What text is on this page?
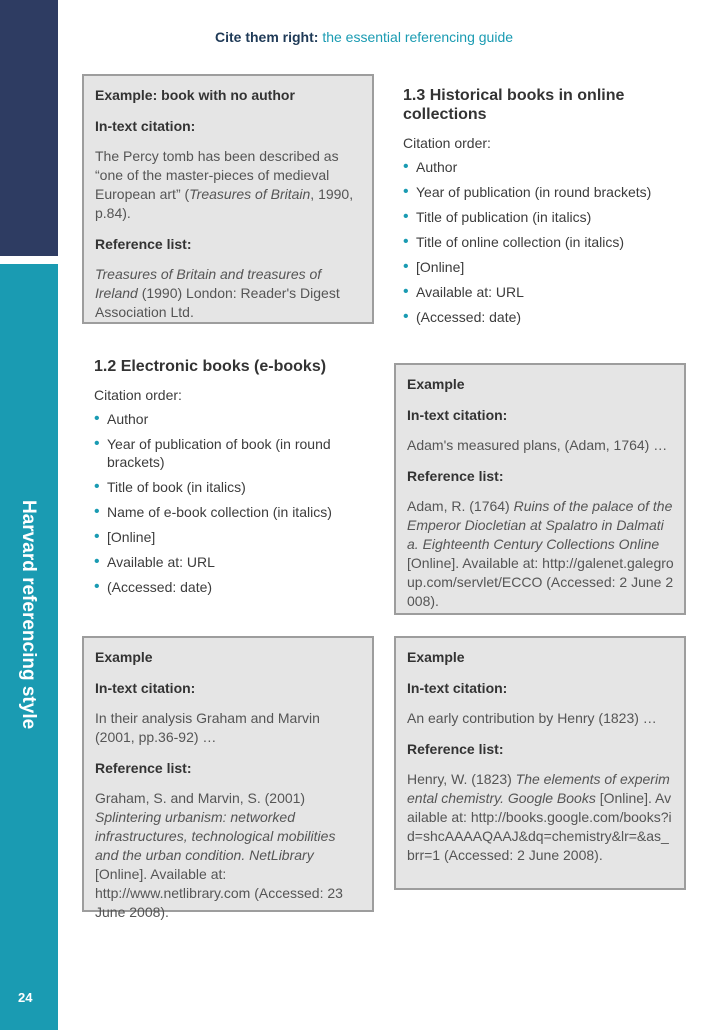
Harvard referencing style
24
Cite them right: the essential referencing guide
Example: book with no author
In-text citation:

The Percy tomb has been described as “one of the master-pieces of medieval European art” (Treasures of Britain, 1990, p.84).

Reference list:

Treasures of Britain and treasures of Ireland (1990) London: Reader's Digest Association Ltd.

1.3 Historical books in online collections
Citation order:
• Author
• Year of publication (in round brackets)
• Title of publication (in italics)
• Title of online collection (in italics)
• [Online]
• Available at: URL
• (Accessed: date)
1.2 Electronic books (e-books)
Citation order:
• Author
• Year of publication of book (in round brackets)
• Title of book (in italics)
• Name of e-book collection (in italics)
• [Online]
• Available at: URL
• (Accessed: date)
Example
In-text citation:

Adam's measured plans, (Adam, 1764) …

Reference list:

Adam, R. (1764) Ruins of the palace of the Emperor Diocletian at Spalatro in Dalmatia. Eighteenth Century Collections Online [Online]. Available at: http://galenet.galegroup.com/servlet/ECCO (Accessed: 2 June 2008).

Example
In-text citation:

In their analysis Graham and Marvin (2001, pp.36-92) …

Reference list:

Graham, S. and Marvin, S. (2001) Splintering urbanism: networked infrastructures, technological mobilities and the urban condition. NetLibrary [Online]. Available at: http://www.netlibrary.com (Accessed: 23 June 2008).

Example
In-text citation:

An early contribution by Henry (1823) …

Reference list:

Henry, W. (1823) The elements of experimental chemistry. Google Books [Online]. Available at: http://books.google.com/books?id=shcAAAAQAAJ&dq=chemistry&lr=&as_brr=1 (Accessed: 2 June 2008).
